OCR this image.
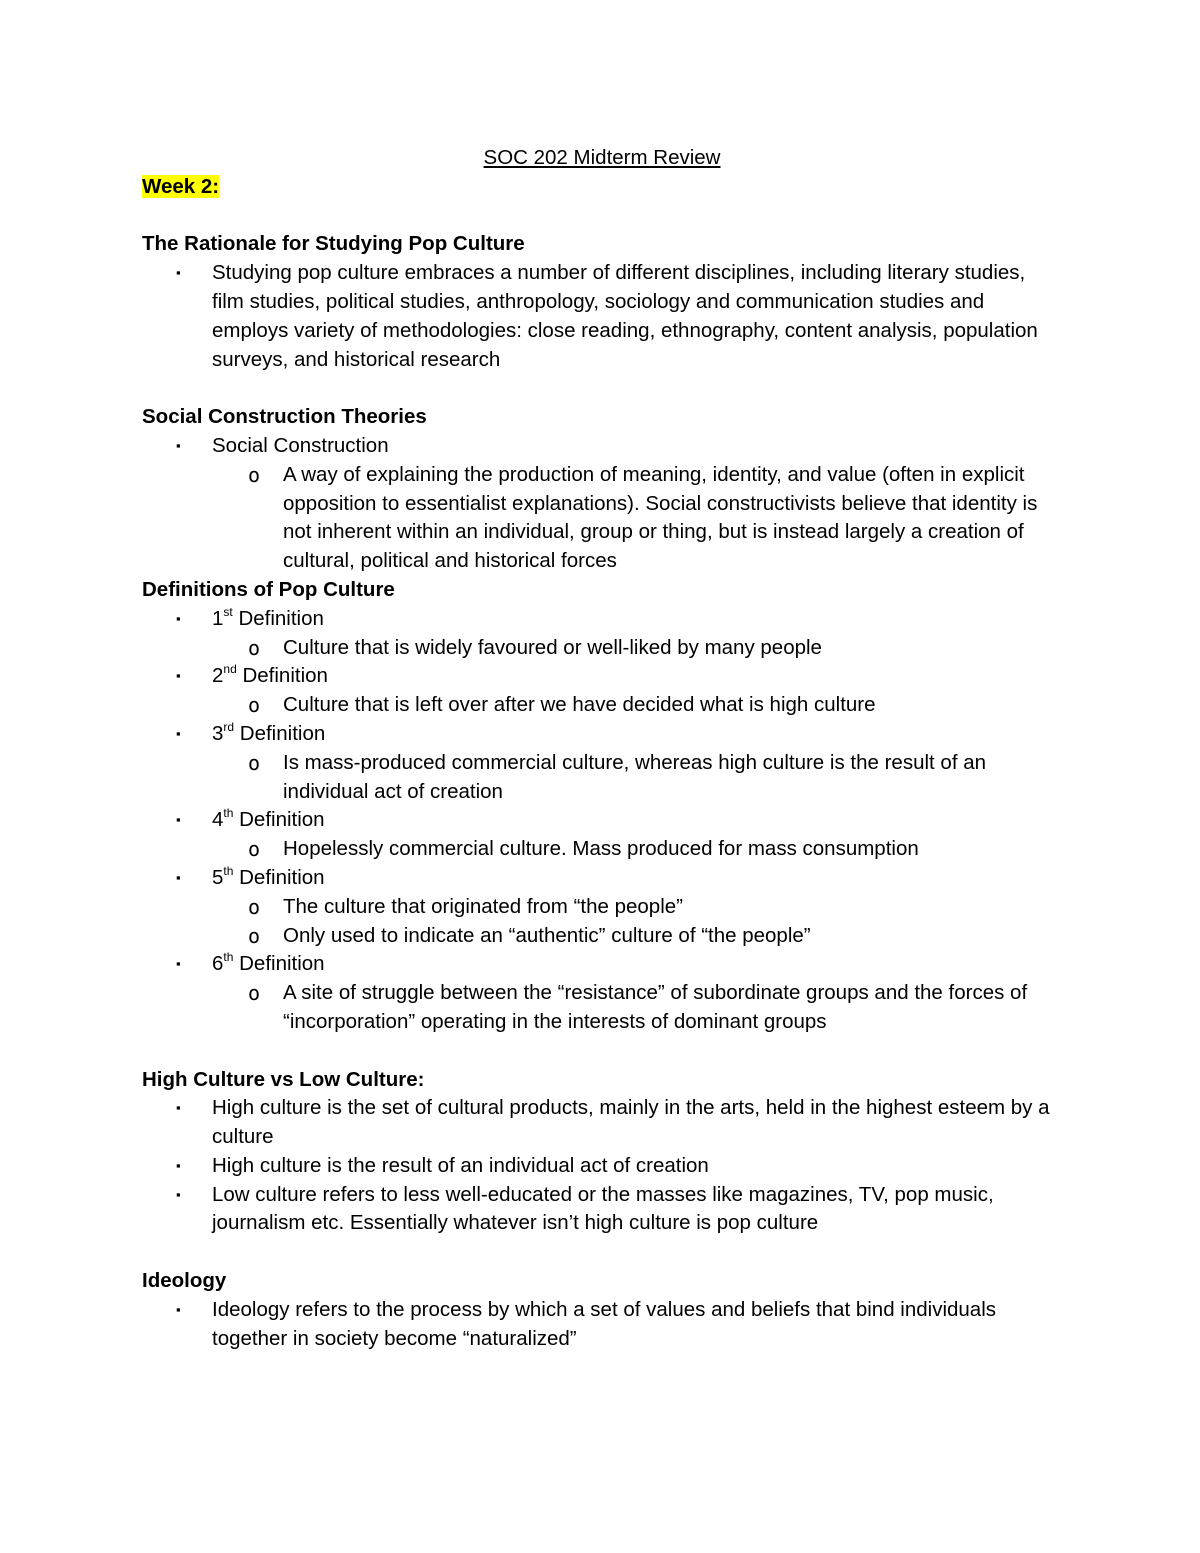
SOC 202 Midterm Review
Week 2:
The Rationale for Studying Pop Culture
▪ Studying pop culture embraces a number of different disciplines, including literary studies, film studies, political studies, anthropology, sociology and communication studies and employs variety of methodologies: close reading, ethnography, content analysis, population surveys, and historical research
Social Construction Theories
▪ Social Construction
o A way of explaining the production of meaning, identity, and value (often in explicit opposition to essentialist explanations). Social constructivists believe that identity is not inherent within an individual, group or thing, but is instead largely a creation of cultural, political and historical forces
Definitions of Pop Culture
▪ 1st Definition
o Culture that is widely favoured or well-liked by many people
▪ 2nd Definition
o Culture that is left over after we have decided what is high culture
▪ 3rd Definition
o Is mass-produced commercial culture, whereas high culture is the result of an individual act of creation
▪ 4th Definition
o Hopelessly commercial culture. Mass produced for mass consumption
▪ 5th Definition
o The culture that originated from “the people”
o Only used to indicate an “authentic” culture of “the people”
▪ 6th Definition
o A site of struggle between the “resistance” of subordinate groups and the forces of “incorporation” operating in the interests of dominant groups
High Culture vs Low Culture:
▪ High culture is the set of cultural products, mainly in the arts, held in the highest esteem by a culture
▪ High culture is the result of an individual act of creation
▪ Low culture refers to less well-educated or the masses like magazines, TV, pop music, journalism etc. Essentially whatever isn’t high culture is pop culture
Ideology
▪ Ideology refers to the process by which a set of values and beliefs that bind individuals together in society become “naturalized”
